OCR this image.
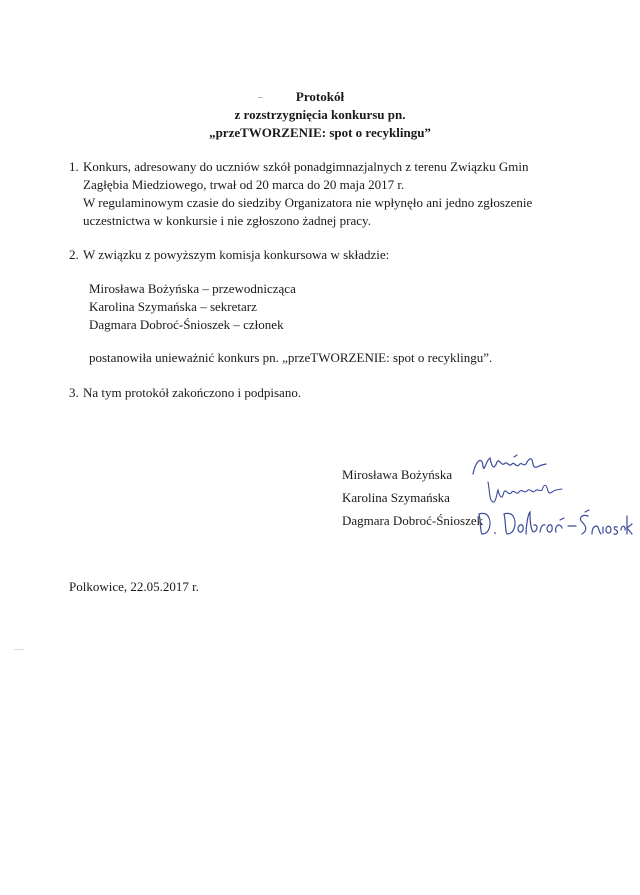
Protokół
z rozstrzygnięcia konkursu pn.
„przeTWORZENIE: spot o recyklingu”
1. Konkurs, adresowany do uczniów szkół ponadgimnazjalnych z terenu Związku Gmin
Zagłębia Miedziowego, trwał od 20 marca do 20 maja 2017 r.
W regulaminowym czasie do siedziby Organizatora nie wpłynęło ani jedno zgłoszenie
uczestnictwa w konkursie i nie zgłoszono żadnej pracy.
2. W związku z powyższym komisja konkursowa w składzie:
Mirosława Bożyńska – przewodnicząca
Karolina Szymańska – sekretarz
Dagmara Dobroć-Śnioszek – członek
postanowiła unieważnić konkurs pn. „przeTWORZENIE: spot o recyklingu”.
3. Na tym protokół zakończono i podpisano.
Mirosława Bożyńska
Karolina Szymańska
Dagmara Dobroć-Śnioszek
Polkowice, 22.05.2017 r.
